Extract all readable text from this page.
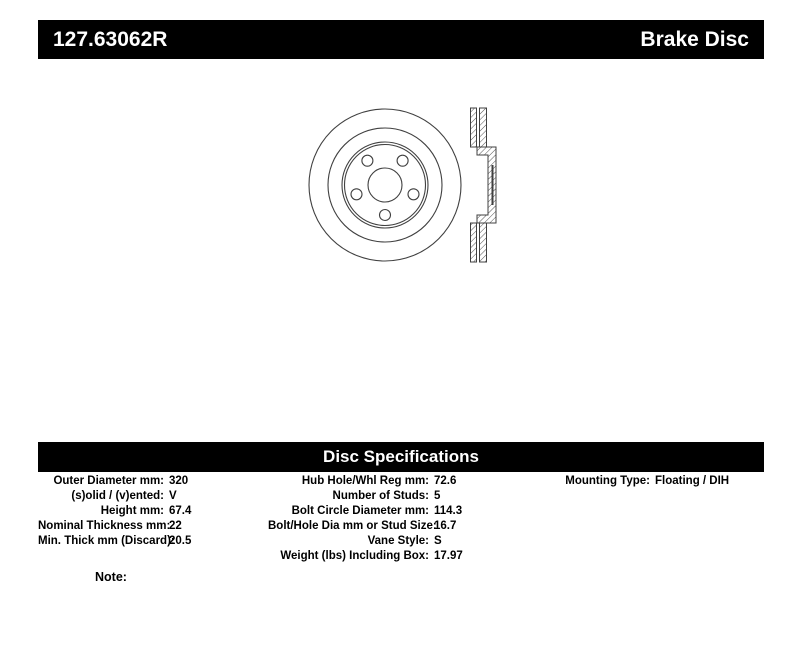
127.63062R	Brake Disc
Disc Specifications
Outer Diameter mm: 320
(s)olid / (v)ented: V
Height mm: 67.4
Nominal Thickness mm:
22
Min. Thick mm (Discard):
20.5
Hub Hole/Whl Reg mm: 72.6
Number of Studs: 5
Bolt Circle Diameter mm: 114.3
Bolt/Hole Dia mm or Stud Size:
16.7
Vane Style: S
Weight (lbs) Including Box: 17.97
Mounting Type: Floating / DIH
Note:
